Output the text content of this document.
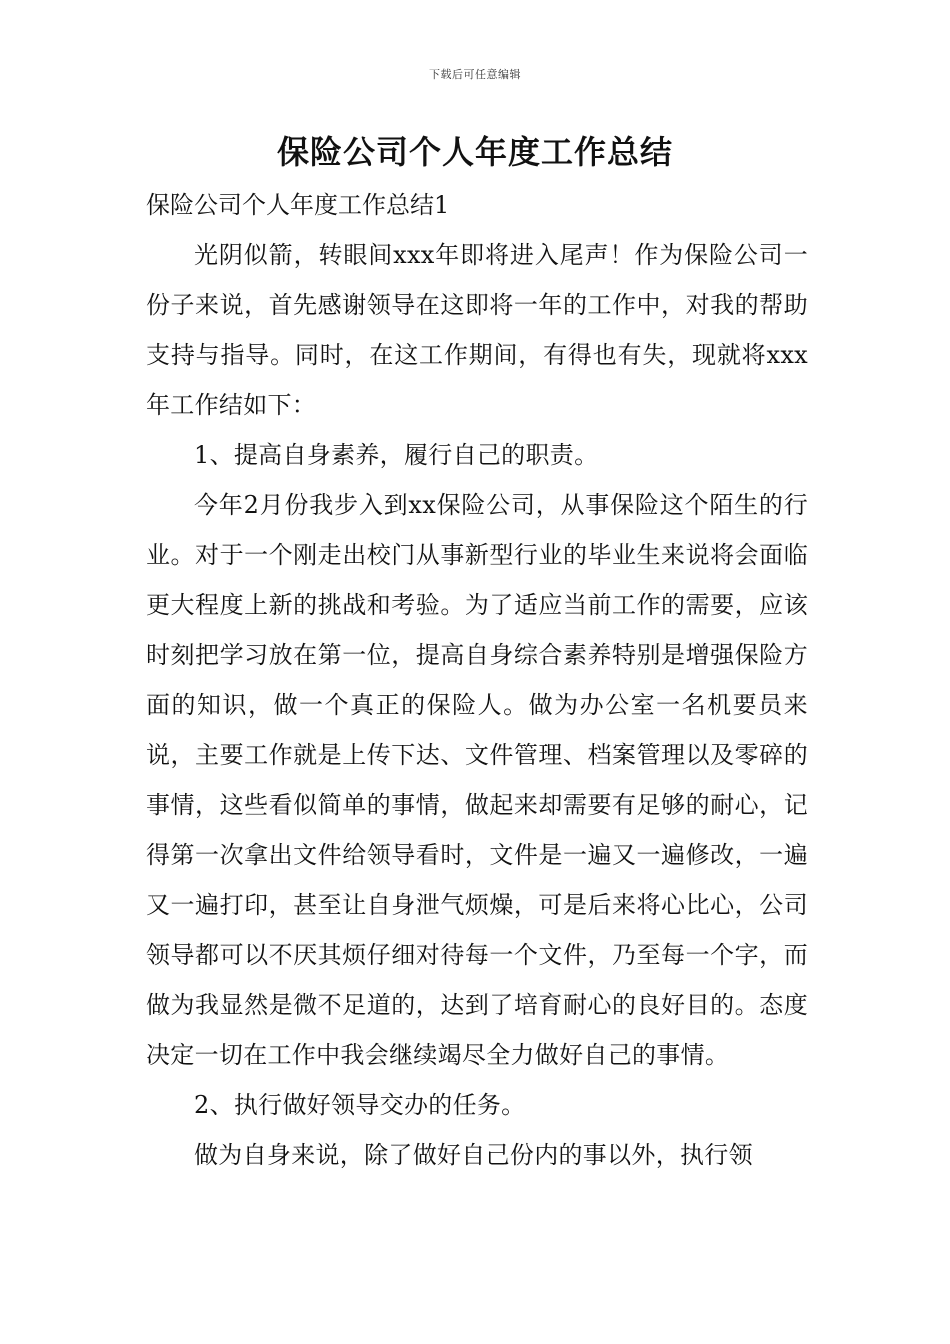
下载后可任意编辑
保险公司个人年度工作总结

保险公司个人年度工作总结1

光阴似箭，转眼间xxx年即将进入尾声！作为保险公司一份子来说，首先感谢领导在这即将一年的工作中，对我的帮助支持与指导。同时，在这工作期间，有得也有失，现就将xxx年工作结如下：

1、提高自身素养，履行自己的职责。

今年2月份我步入到xx保险公司，从事保险这个陌生的行业。对于一个刚走出校门从事新型行业的毕业生来说将会面临更大程度上新的挑战和考验。为了适应当前工作的需要，应该时刻把学习放在第一位，提高自身综合素养特别是增强保险方面的知识，做一个真正的保险人。做为办公室一名机要员来说，主要工作就是上传下达、文件管理、档案管理以及零碎的事情，这些看似简单的事情，做起来却需要有足够的耐心，记得第一次拿出文件给领导看时，文件是一遍又一遍修改，一遍又一遍打印，甚至让自身泄气烦燥，可是后来将心比心，公司领导都可以不厌其烦仔细对待每一个文件，乃至每一个字，而做为我显然是微不足道的，达到了培育耐心的良好目的。态度决定一切在工作中我会继续竭尽全力做好自己的事情。

2、执行做好领导交办的任务。

做为自身来说，除了做好自己份内的事以外，执行领
